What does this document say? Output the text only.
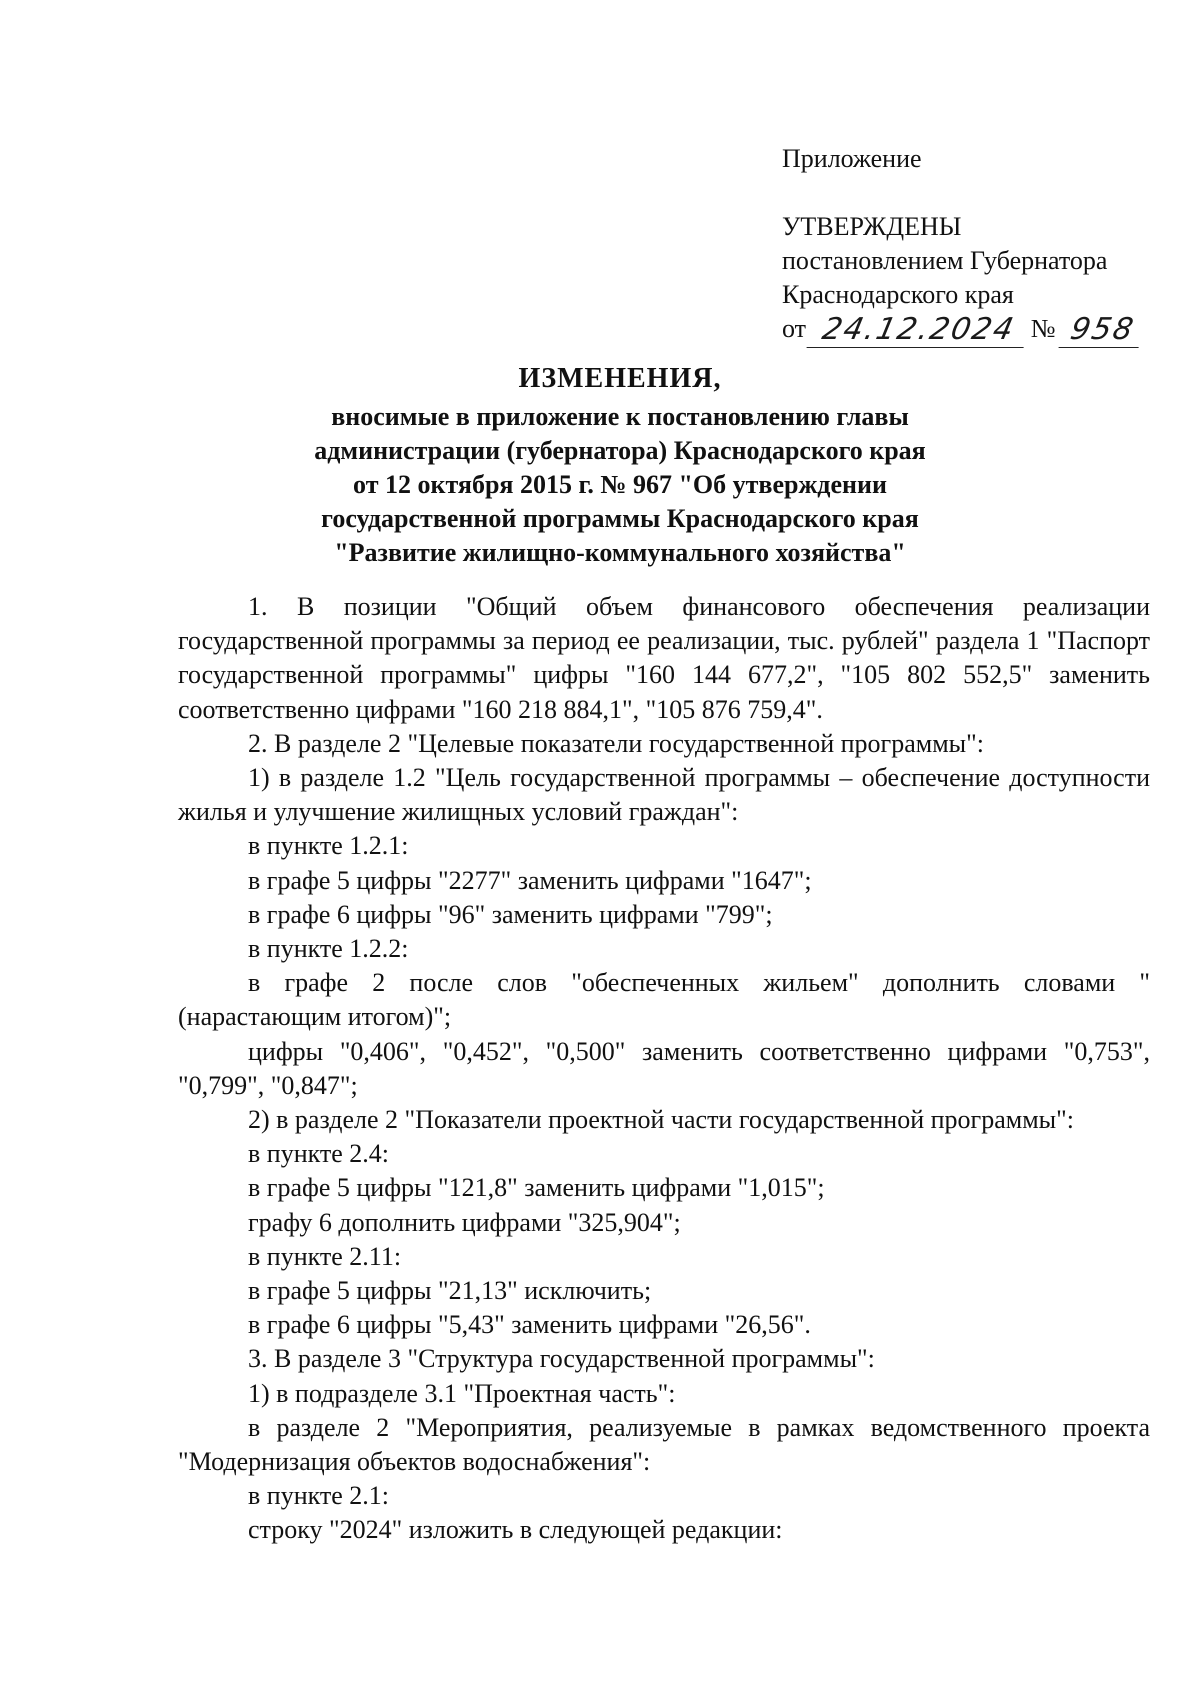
Приложение
УТВЕРЖДЕНЫ
постановлением Губернатора
Краснодарского края
от 24.12.2024 № 958
ИЗМЕНЕНИЯ,
вносимые в приложение к постановлению главы
администрации (губернатора) Краснодарского края
от 12 октября 2015 г. № 967 "Об утверждении
государственной программы Краснодарского края
"Развитие жилищно-коммунального хозяйства"

1. В позиции "Общий объем финансового обеспечения реализации государственной программы за период ее реализации, тыс. рублей" раздела 1 "Паспорт государственной программы" цифры "160 144 677,2", "105 802 552,5" заменить соответственно цифрами "160 218 884,1", "105 876 759,4".

2. В разделе 2 "Целевые показатели государственной программы":

1) в разделе 1.2 "Цель государственной программы – обеспечение доступности жилья и улучшение жилищных условий граждан":

в пункте 1.2.1:

в графе 5 цифры "2277" заменить цифрами "1647";

в графе 6 цифры "96" заменить цифрами "799";

в пункте 1.2.2:

в графе 2 после слов "обеспеченных жильем" дополнить словами "(нарастающим итогом)";

цифры "0,406", "0,452", "0,500" заменить соответственно цифрами "0,753", "0,799", "0,847";

2) в разделе 2 "Показатели проектной части государственной программы":

в пункте 2.4:

в графе 5 цифры "121,8" заменить цифрами "1,015";

графу 6 дополнить цифрами "325,904";

в пункте 2.11:

в графе 5 цифры "21,13" исключить;

в графе 6 цифры "5,43" заменить цифрами "26,56".

3. В разделе 3 "Структура государственной программы":

1) в подразделе 3.1 "Проектная часть":

в разделе 2 "Мероприятия, реализуемые в рамках ведомственного проекта "Модернизация объектов водоснабжения":

в пункте 2.1:

строку "2024" изложить в следующей редакции:
